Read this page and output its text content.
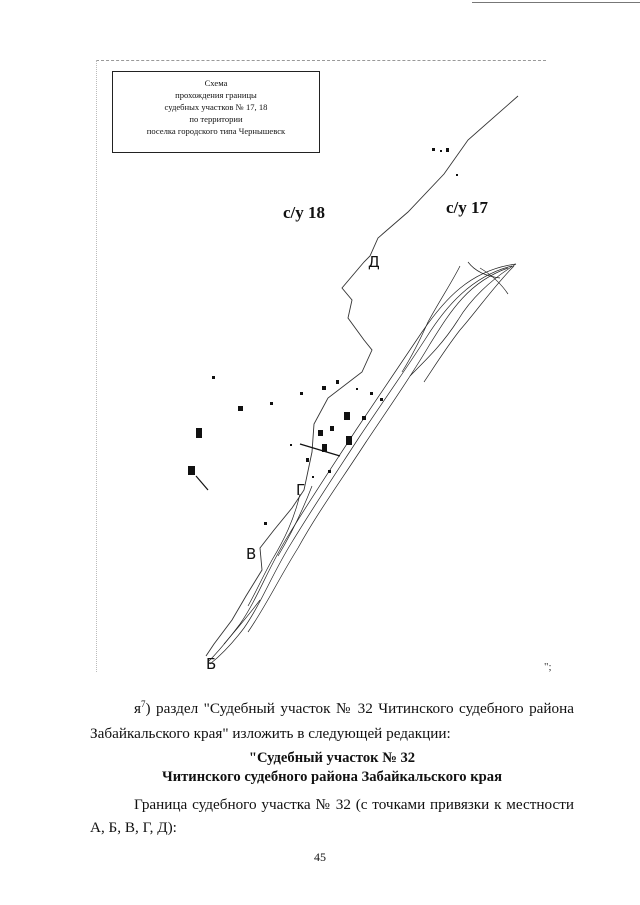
Схема
прохождения границы
судебных участков № 17, 18
по территории
поселка городского типа Чернышевск
с/у 18	с/у 17
Д
Г
В
Б	";
$я^7$) раздел "Судебный участок № 32 Читинского судебного района Забайкальского края" изложить в следующей редакции:
"Судебный участок № 32
Читинского судебного района Забайкальского края
Граница судебного участка № 32 (с точками привязки к местности А, Б, В, Г, Д):
45
